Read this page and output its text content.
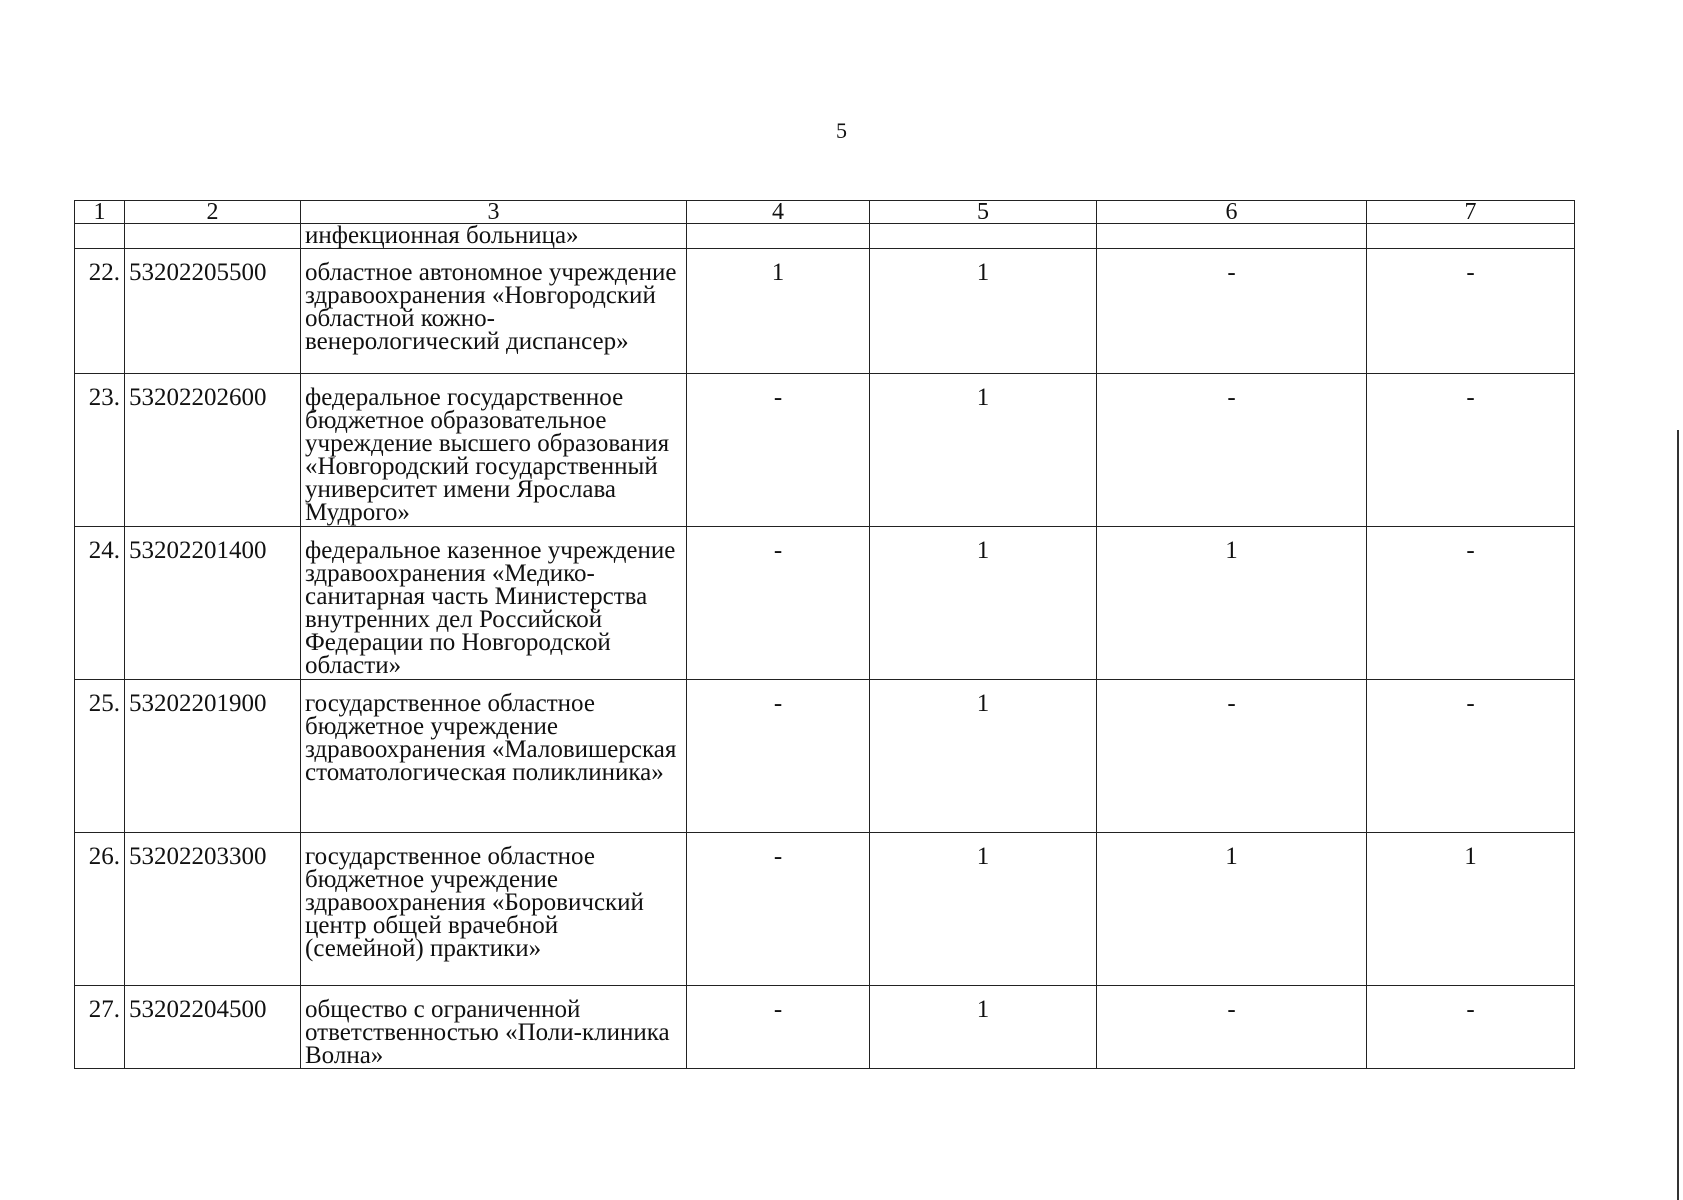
5
1	2	3	4	5	6	7
		инфекционная больница»				
22.	53202205500	областное автономное учреждение здравоохранения «Новгородский областной кожно-венерологический диспансер»	1	1	-	-
23.	53202202600	федеральное государственное бюджетное образовательное учреждение высшего образования «Новгородский государственный университет имени Ярослава Мудрого»	-	1	-	-
24.	53202201400	федеральное казенное учреждение здравоохранения «Медико-санитарная часть Министерства внутренних дел Российской Федерации по Новгородской области»	-	1	1	-
25.	53202201900	государственное областное бюджетное учреждение здравоохранения «Маловишерская стоматологическая поликлиника»	-	1	-	-
26.	53202203300	государственное областное бюджетное учреждение здравоохранения «Боровичский центр общей врачебной (семейной) практики»	-	1	1	1
27.	53202204500	общество с ограниченной ответственностью «Поли-клиника Волна»	-	1	-	-
